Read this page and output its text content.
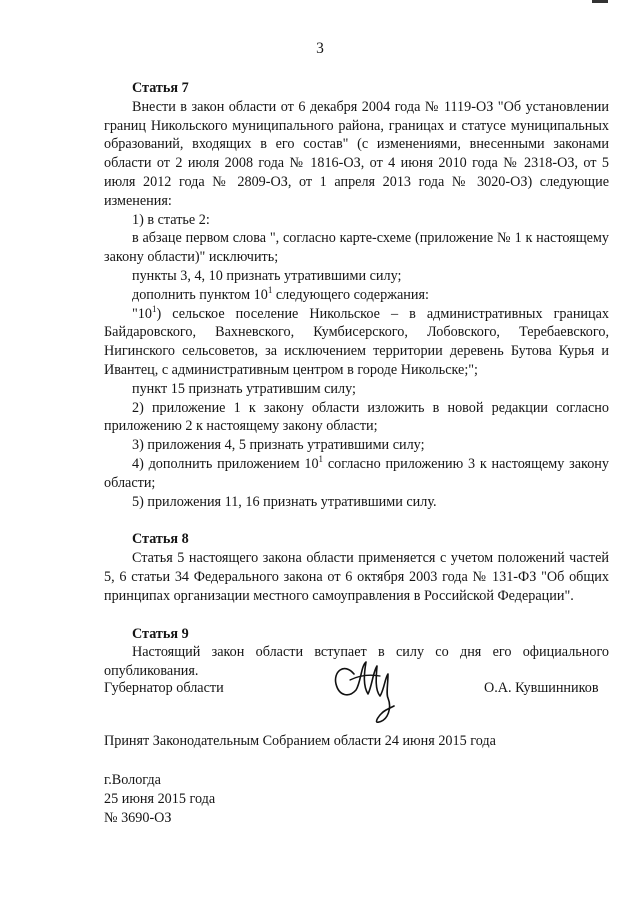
3

Статья 7

Внести в закон области от 6 декабря 2004 года № 1119-ОЗ "Об установлении границ Никольского муниципального района, границах и статусе муниципальных образований, входящих в его состав" (с изменениями, внесенными законами области от 2 июля 2008 года № 1816-ОЗ, от 4 июня 2010 года № 2318-ОЗ, от 5 июля 2012 года № 2809-ОЗ, от 1 апреля 2013 года № 3020-ОЗ) следующие изменения:

1) в статье 2:

в абзаце первом слова ", согласно карте-схеме (приложение № 1 к настоящему закону области)" исключить;

пункты 3, 4, 10 признать утратившими силу;

дополнить пунктом $10^1$ следующего содержания:

"$10^1$) сельское поселение Никольское – в административных границах Байдаровского, Вахневского, Кумбисерского, Лобовского, Теребаевского, Нигинского сельсоветов, за исключением территории деревень Бутова Курья и Ивантец, с административным центром в городе Никольске;";

пункт 15 признать утратившим силу;

2) приложение 1 к закону области изложить в новой редакции согласно приложению 2 к настоящему закону области;

3) приложения 4, 5 признать утратившими силу;

4) дополнить приложением $10^1$ согласно приложению 3 к настоящему закону области;

5) приложения 11, 16 признать утратившими силу.

Статья 8

Статья 5 настоящего закона области применяется с учетом положений частей 5, 6 статьи 34 Федерального закона от 6 октября 2003 года № 131-ФЗ "Об общих принципах организации местного самоуправления в Российской Федерации".

Статья 9

Настоящий закон области вступает в силу со дня его официального опубликования.

Губернатор области	О.А. Кувшинников
Принят Законодательным Собранием области 24 июня 2015 года
г.Вологда
25 июня 2015 года
№ 3690-ОЗ
